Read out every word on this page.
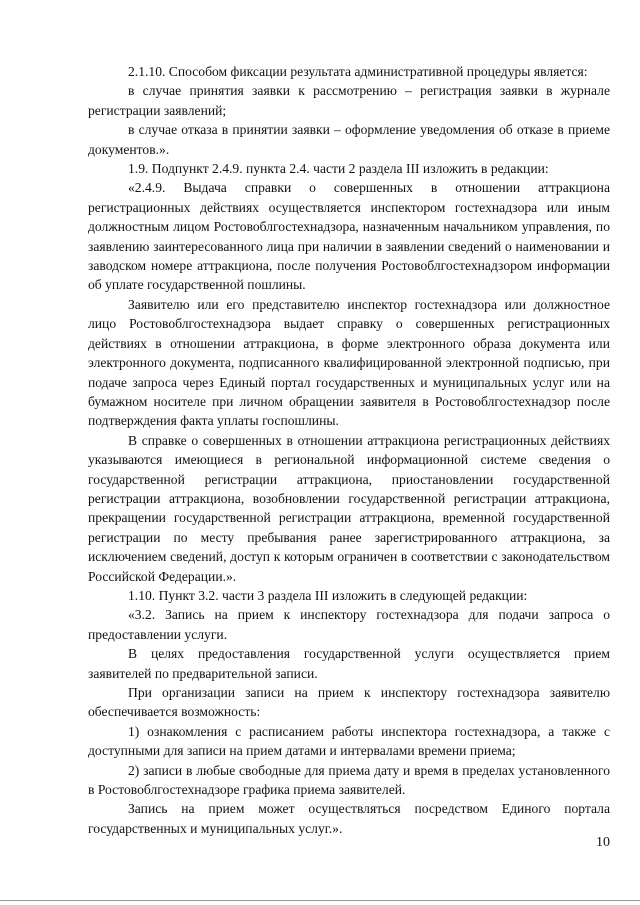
2.1.10. Способом фиксации результата административной процедуры является:

в случае принятия заявки к рассмотрению – регистрация заявки в журнале регистрации заявлений;

в случае отказа в принятии заявки – оформление уведомления об отказе в приеме документов.».

1.9. Подпункт 2.4.9. пункта 2.4. части 2 раздела III изложить в редакции:

«2.4.9. Выдача справки о совершенных в отношении аттракциона регистрационных действиях осуществляется инспектором гостехнадзора или иным должностным лицом Ростовоблгостехнадзора, назначенным начальником управления, по заявлению заинтересованного лица при наличии в заявлении сведений о наименовании и заводском номере аттракциона, после получения Ростовоблгостехнадзором информации об уплате государственной пошлины.

Заявителю или его представителю инспектор гостехнадзора или должностное лицо Ростовоблгостехнадзора выдает справку о совершенных регистрационных действиях в отношении аттракциона, в форме электронного образа документа или электронного документа, подписанного квалифицированной электронной подписью, при подаче запроса через Единый портал государственных и муниципальных услуг или на бумажном носителе при личном обращении заявителя в Ростовоблгостехнадзор после подтверждения факта уплаты госпошлины.

В справке о совершенных в отношении аттракциона регистрационных действиях указываются имеющиеся в региональной информационной системе сведения о государственной регистрации аттракциона, приостановлении государственной регистрации аттракциона, возобновлении государственной регистрации аттракциона, прекращении государственной регистрации аттракциона, временной государственной регистрации по месту пребывания ранее зарегистрированного аттракциона, за исключением сведений, доступ к которым ограничен в соответствии с законодательством Российской Федерации.».

1.10. Пункт 3.2. части 3 раздела III изложить в следующей редакции:

«3.2. Запись на прием к инспектору гостехнадзора для подачи запроса о предоставлении услуги.

В целях предоставления государственной услуги осуществляется прием заявителей по предварительной записи.

При организации записи на прием к инспектору гостехнадзора заявителю обеспечивается возможность:

1) ознакомления с расписанием работы инспектора гостехнадзора, а также с доступными для записи на прием датами и интервалами времени приема;

2) записи в любые свободные для приема дату и время в пределах установленного в Ростовоблгостехнадзоре графика приема заявителей.

Запись на прием может осуществляться посредством Единого портала государственных и муниципальных услуг.».

10
